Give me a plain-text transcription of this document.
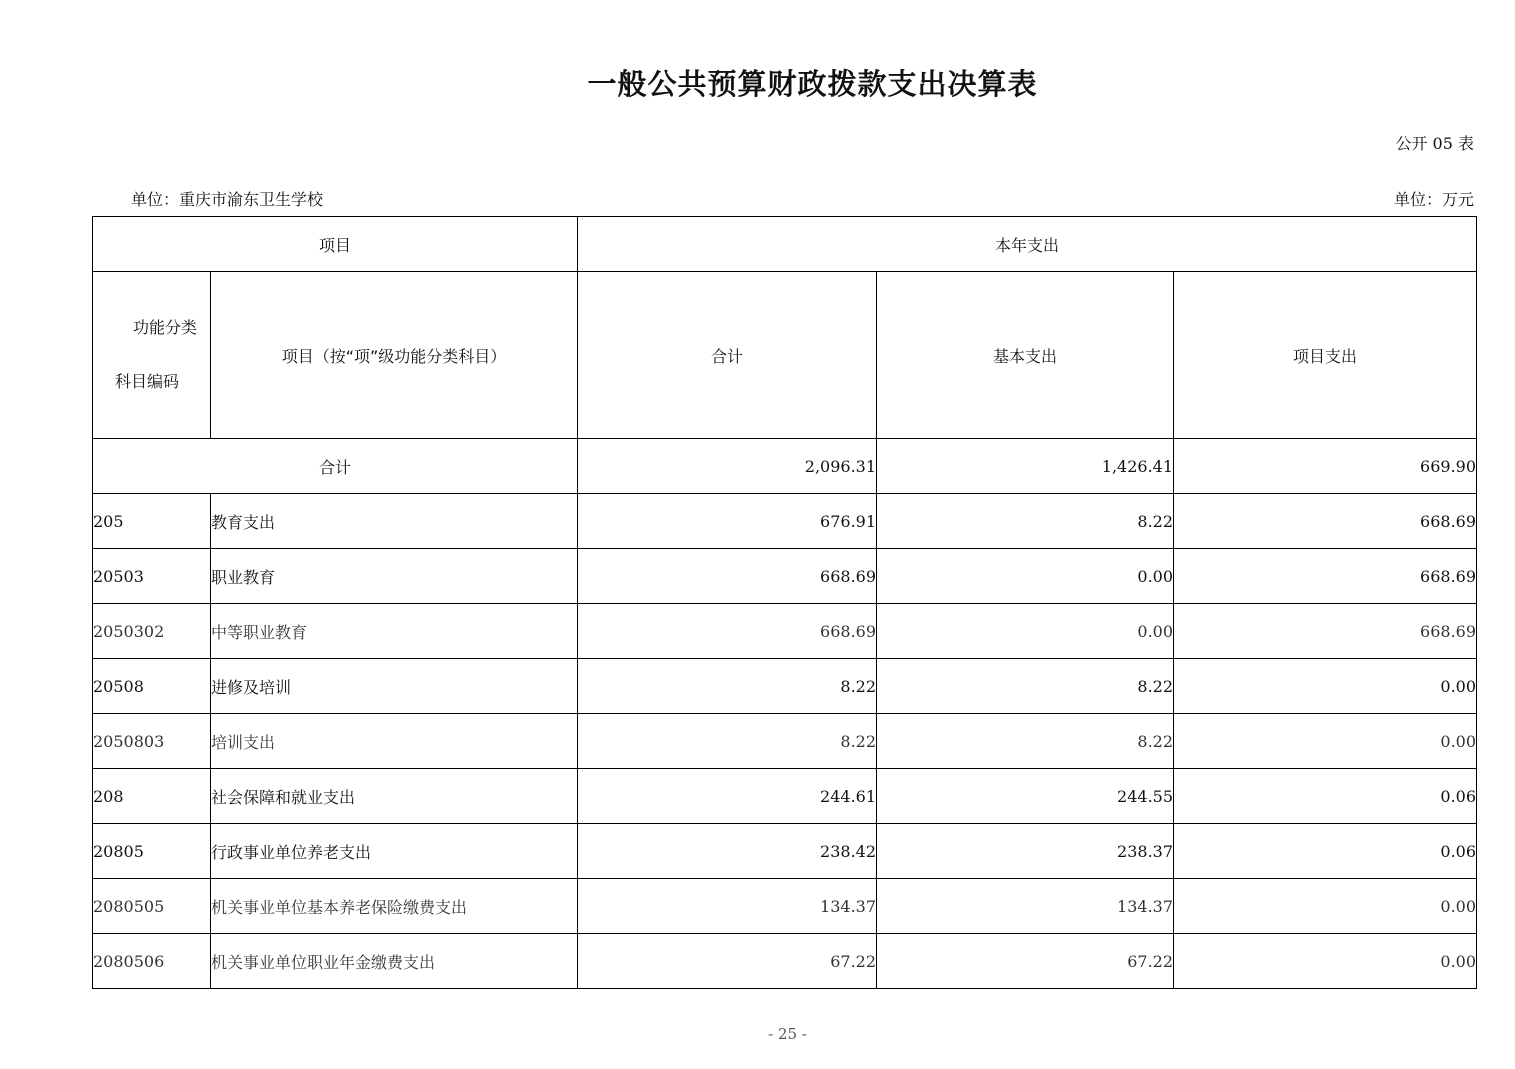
一般公共预算财政拨款支出决算表
公开 05 表
单位：重庆市渝东卫生学校	单位：万元
项目		本年支出		

功能分类
科目编码	项目（按“项”级功能分类科目）	合计	基本支出	项目支出
合计		2,096.31	1,426.41	669.90
205	教育支出	676.91	8.22	668.69
20503	职业教育	668.69	0.00	668.69
2050302	中等职业教育	668.69	0.00	668.69
20508	进修及培训	8.22	8.22	0.00
2050803	培训支出	8.22	8.22	0.00
208	社会保障和就业支出	244.61	244.55	0.06
20805	行政事业单位养老支出	238.42	238.37	0.06
2080505	机关事业单位基本养老保险缴费支出	134.37	134.37	0.00
2080506	机关事业单位职业年金缴费支出	67.22	67.22	0.00
- 25 -
